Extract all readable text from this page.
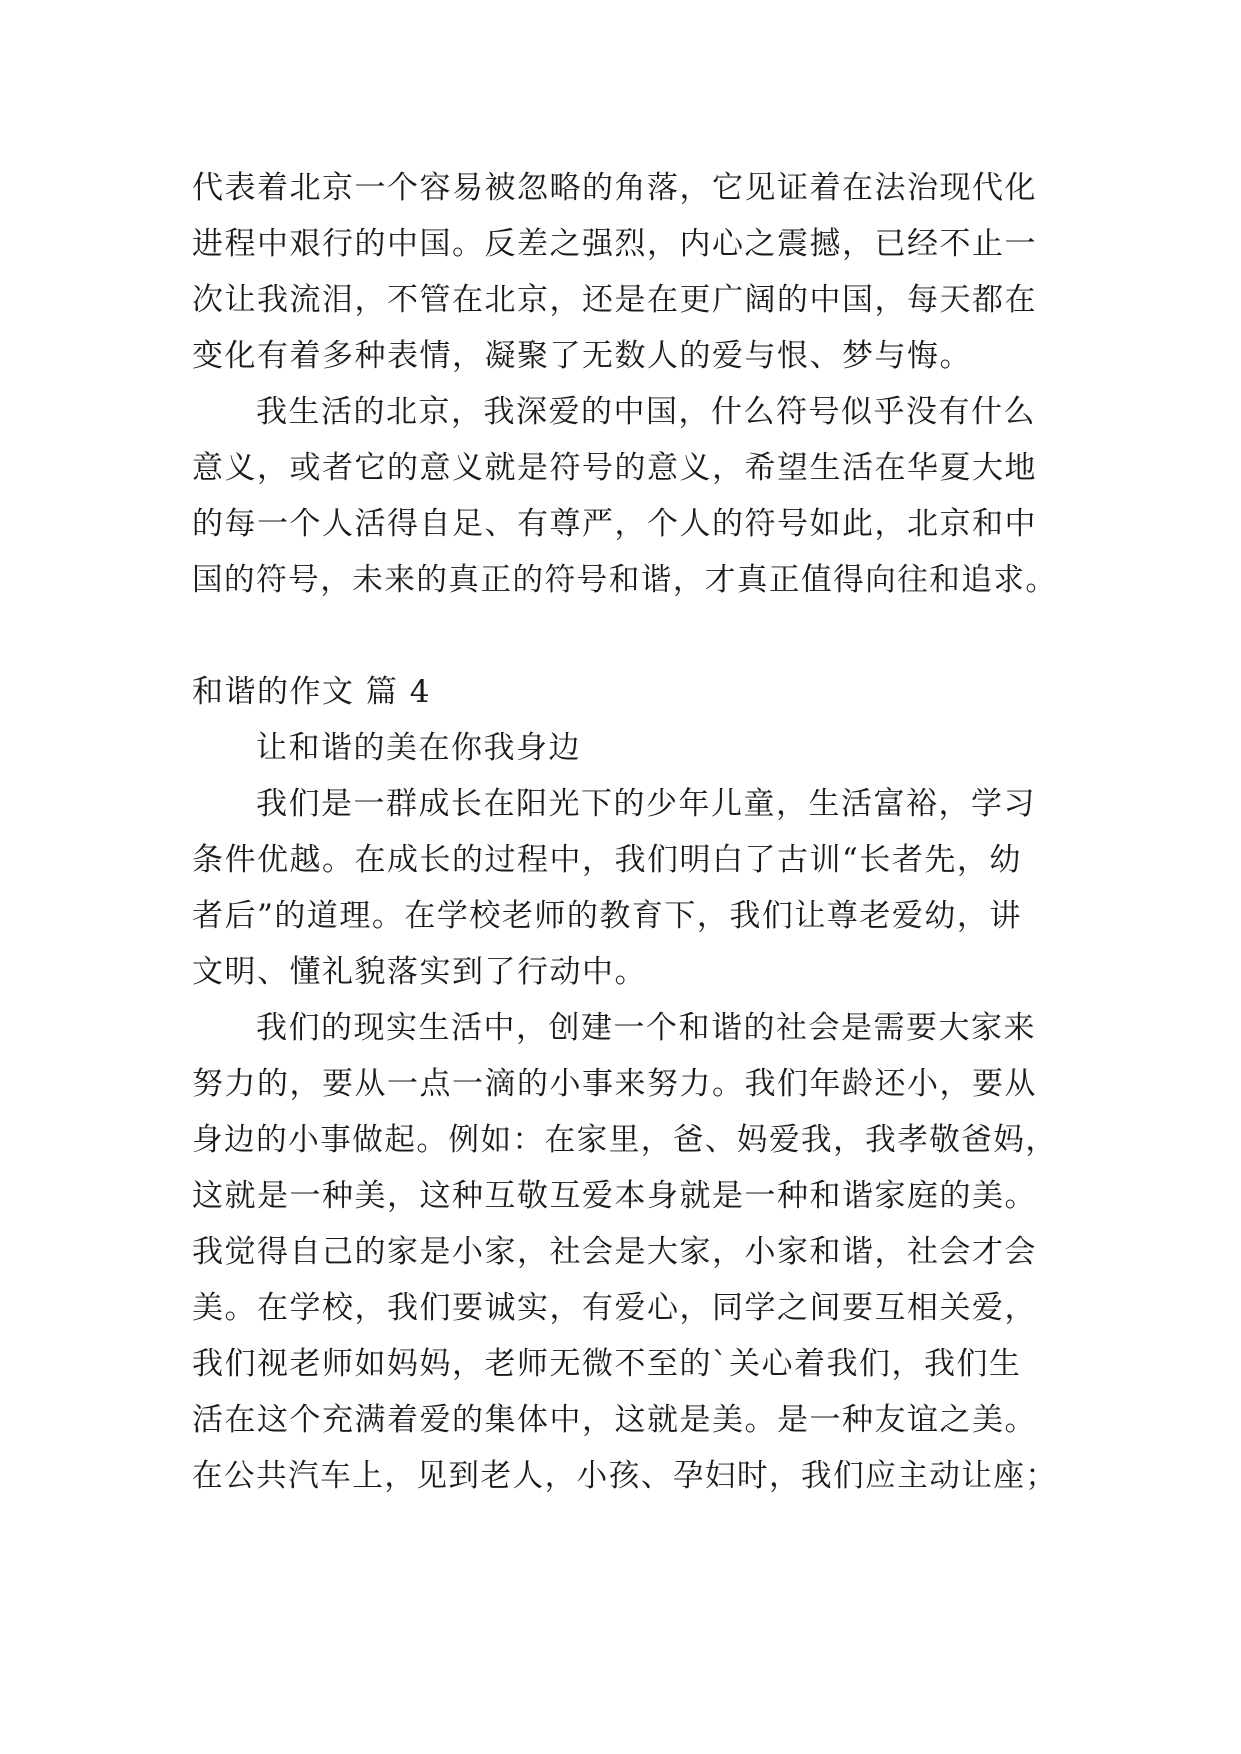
代表着北京一个容易被忽略的角落，它见证着在法治现代化
进程中艰行的中国。反差之强烈，内心之震撼，已经不止一
次让我流泪，不管在北京，还是在更广阔的中国，每天都在
变化有着多种表情，凝聚了无数人的爱与恨、梦与悔。
我生活的北京，我深爱的中国，什么符号似乎没有什么
意义，或者它的意义就是符号的意义，希望生活在华夏大地
的每一个人活得自足、有尊严，个人的符号如此，北京和中
国的符号，未来的真正的符号和谐，才真正值得向往和追求。
和谐的作文 篇 4
让和谐的美在你我身边
我们是一群成长在阳光下的少年儿童，生活富裕，学习
条件优越。在成长的过程中，我们明白了古训“长者先，幼
者后”的道理。在学校老师的教育下，我们让尊老爱幼，讲
文明、懂礼貌落实到了行动中。
我们的现实生活中，创建一个和谐的社会是需要大家来
努力的，要从一点一滴的小事来努力。我们年龄还小，要从
身边的小事做起。例如：在家里，爸、妈爱我，我孝敬爸妈，
这就是一种美，这种互敬互爱本身就是一种和谐家庭的美。
我觉得自己的家是小家，社会是大家，小家和谐，社会才会
美。在学校，我们要诚实，有爱心，同学之间要互相关爱，
我们视老师如妈妈，老师无微不至的`关心着我们，我们生
活在这个充满着爱的集体中，这就是美。是一种友谊之美。
在公共汽车上，见到老人，小孩、孕妇时，我们应主动让座；
